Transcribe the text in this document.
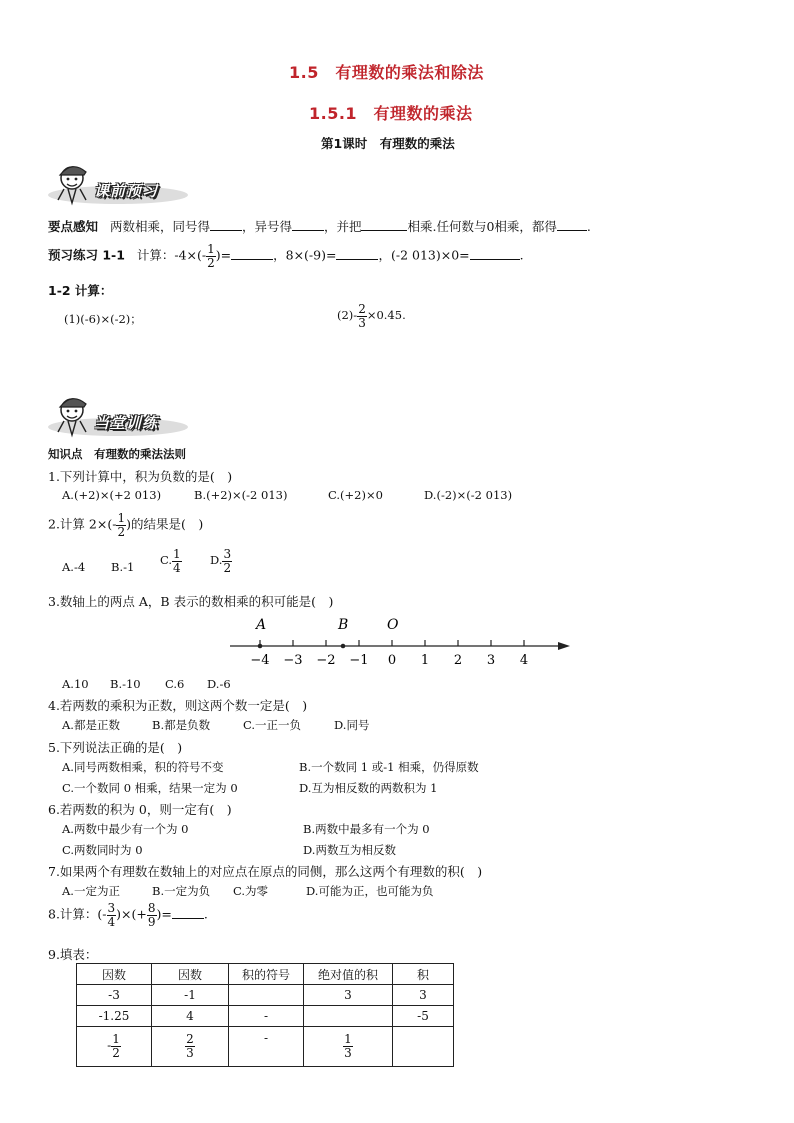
1.5　有理数的乘法和除法
1.5.1　有理数的乘法
第1课时　有理数的乘法
课前预习
要点感知 两数相乘，同号得	，异号得	，并把	相乘.任何数与0相乘，都得 .
预习练习 1-1 计算：$-4\times(- \frac{1}{2}$ )=	，8×(-9)=	，(-2 013)×0=	.
1-2 计算：
(1)(-6)×(-2)；	$(2)- \frac{2}{3} \times 0.45$.
当堂训练
知识点　有理数的乘法法则
1.下列计算中，积为负数的是(　)
A.(+2)×(+2 013)	B.(+2)×(-2 013)	C.(+2)×0	D.(-2)×(-2 013)
2.计算 $2\times(- \frac{1}{2}$ )的结果是(　)
A.-4 B.-1 C. $\frac{1}{4} D$. $\frac{3}{2}$
3.数轴上的两点 A，B 表示的数相乘的积可能是(　)
−4 −3 −2 −1 0 1 2 3 4
A	B	O
A.10 B.-10 C.6 D.-6
4.若两数的乘积为正数，则这两个数一定是(　)
A.都是正数	B.都是负数	C.一正一负	D.同号
5.下列说法正确的是(　)
A.同号两数相乘，积的符号不变	B.一个数同 1 或-1 相乘，仍得原数
C.一个数同 0 相乘，结果一定为 0	D.互为相反数的两数积为 1
6.若两数的积为 0，则一定有(　)
A.两数中最少有一个为 0	B.两数中最多有一个为 0
C.两数同时为 0	D.两数互为相反数
7.如果两个有理数在数轴上的对应点在原点的同侧，那么这两个有理数的积(　)
A.一定为正	B.一定为负 C.为零	D.可能为正，也可能为负
8.计算：(- $\frac{3}{4}$ )×(+ $\frac{8}{9}$ )=	.
9.填表：
因数	因数	积的符号	绝对值的积	积
-3	-1		3	3
-1.25	4	-		-5
- $\frac{1}{2}$	$\frac{2}{3}$	-	$\frac{1}{3}$
